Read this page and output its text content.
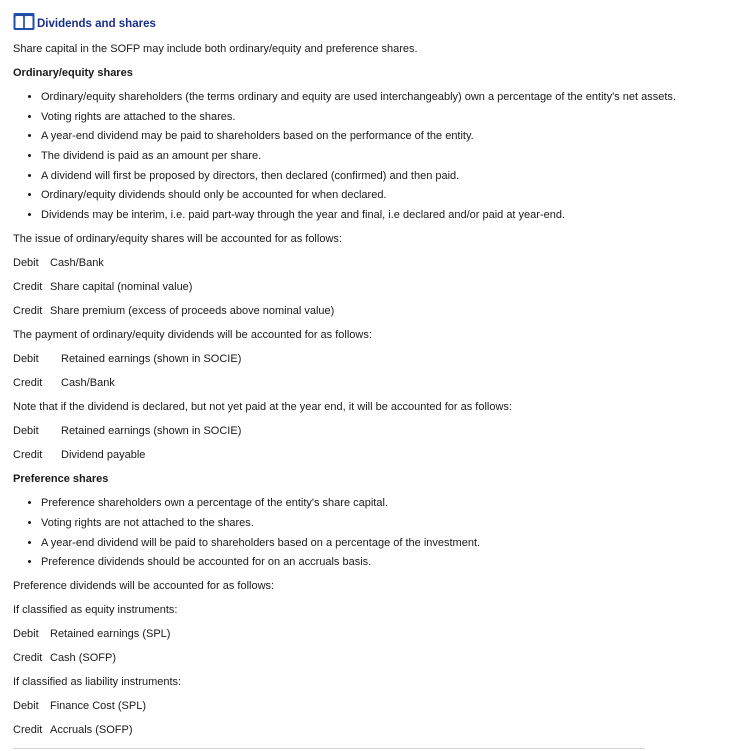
Dividends and shares

Share capital in the SOFP may include both ordinary/equity and preference shares.

Ordinary/equity shares

• Ordinary/equity shareholders (the terms ordinary and equity are used interchangeably) own a percentage of the entity's net assets.
• Voting rights are attached to the shares.
• A year-end dividend may be paid to shareholders based on the performance of the entity.
• The dividend is paid as an amount per share.
• A dividend will first be proposed by directors, then declared (confirmed) and then paid.
• Ordinary/equity dividends should only be accounted for when declared.
• Dividends may be interim, i.e. paid part-way through the year and final, i.e declared and/or paid at year-end.

The issue of ordinary/equity shares will be accounted for as follows:

Debit	Cash/Bank
Credit Share capital (nominal value)
Credit Share premium (excess of proceeds above nominal value)

The payment of ordinary/equity dividends will be accounted for as follows:

Debit	Retained earnings (shown in SOCIE)
Credit	Cash/Bank

Note that if the dividend is declared, but not yet paid at the year end, it will be accounted for as follows:

Debit	Retained earnings (shown in SOCIE)
Credit	Dividend payable

Preference shares

• Preference shareholders own a percentage of the entity's share capital.
• Voting rights are not attached to the shares.
• A year-end dividend will be paid to shareholders based on a percentage of the investment.
• Preference dividends should be accounted for on an accruals basis.

Preference dividends will be accounted for as follows:

If classified as equity instruments:

Debit	Retained earnings (SPL)
Credit Cash (SOFP)

If classified as liability instruments:

Debit	Finance Cost (SPL)
Credit Accruals (SOFP)
